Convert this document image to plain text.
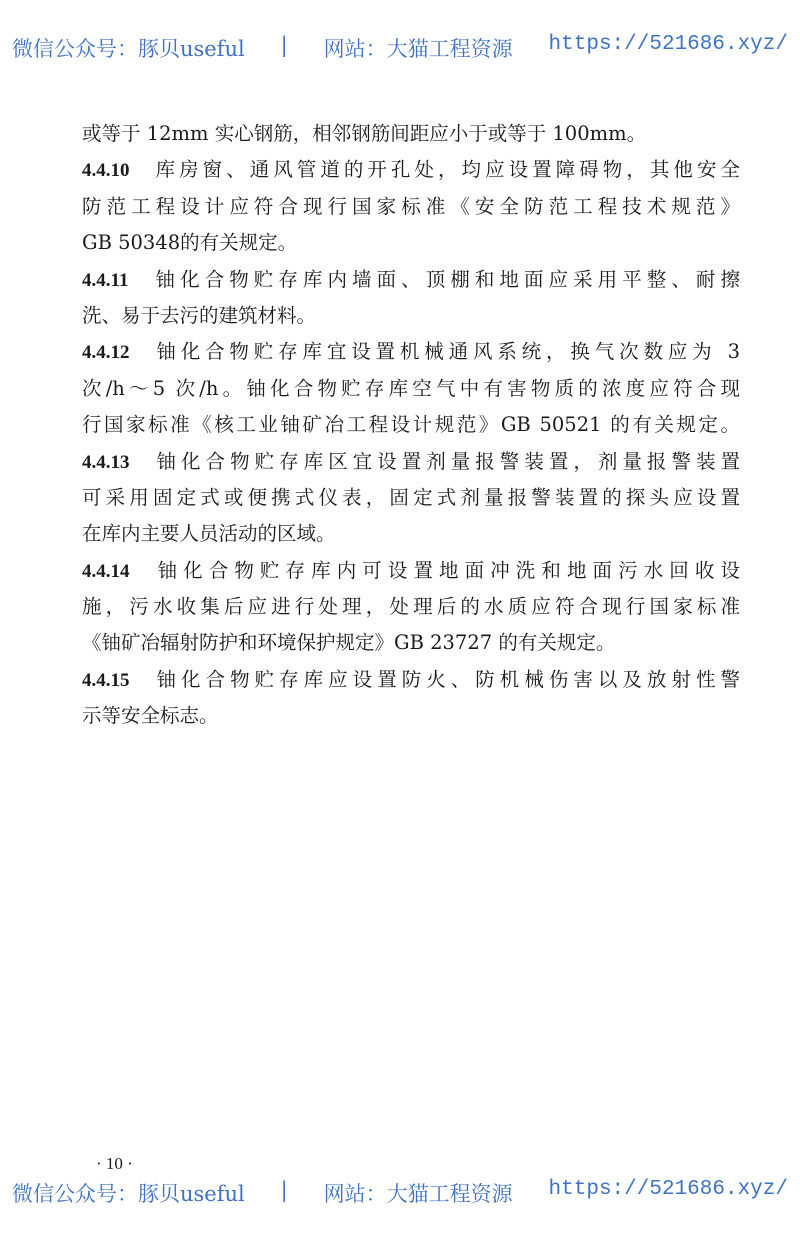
微信公众号：豚贝useful | 网站：大猫工程资源 https://521686.xyz/
或等于 12mm 实心钢筋，相邻钢筋间距应小于或等于 100mm。
4.4.10 库房窗、通风管道的开孔处，均应设置障碍物，其他安全
防范工程设计应符合现行国家标准《安全防范工程技术规范》
GB 50348的有关规定。
4.4.11 铀化合物贮存库内墙面、顶棚和地面应采用平整、耐擦
洗、易于去污的建筑材料。
4.4.12 铀化合物贮存库宜设置机械通风系统，换气次数应为 3
次/h～5 次/h。铀化合物贮存库空气中有害物质的浓度应符合现
行国家标准《核工业铀矿冶工程设计规范》GB 50521 的有关规定。
4.4.13 铀化合物贮存库区宜设置剂量报警装置，剂量报警装置
可采用固定式或便携式仪表，固定式剂量报警装置的探头应设置
在库内主要人员活动的区域。
4.4.14 铀化合物贮存库内可设置地面冲洗和地面污水回收设
施，污水收集后应进行处理，处理后的水质应符合现行国家标准
《铀矿冶辐射防护和环境保护规定》GB 23727 的有关规定。
4.4.15 铀化合物贮存库应设置防火、防机械伤害以及放射性警
示等安全标志。
· 10 ·
微信公众号：豚贝useful | 网站：大猫工程资源 https://521686.xyz/
